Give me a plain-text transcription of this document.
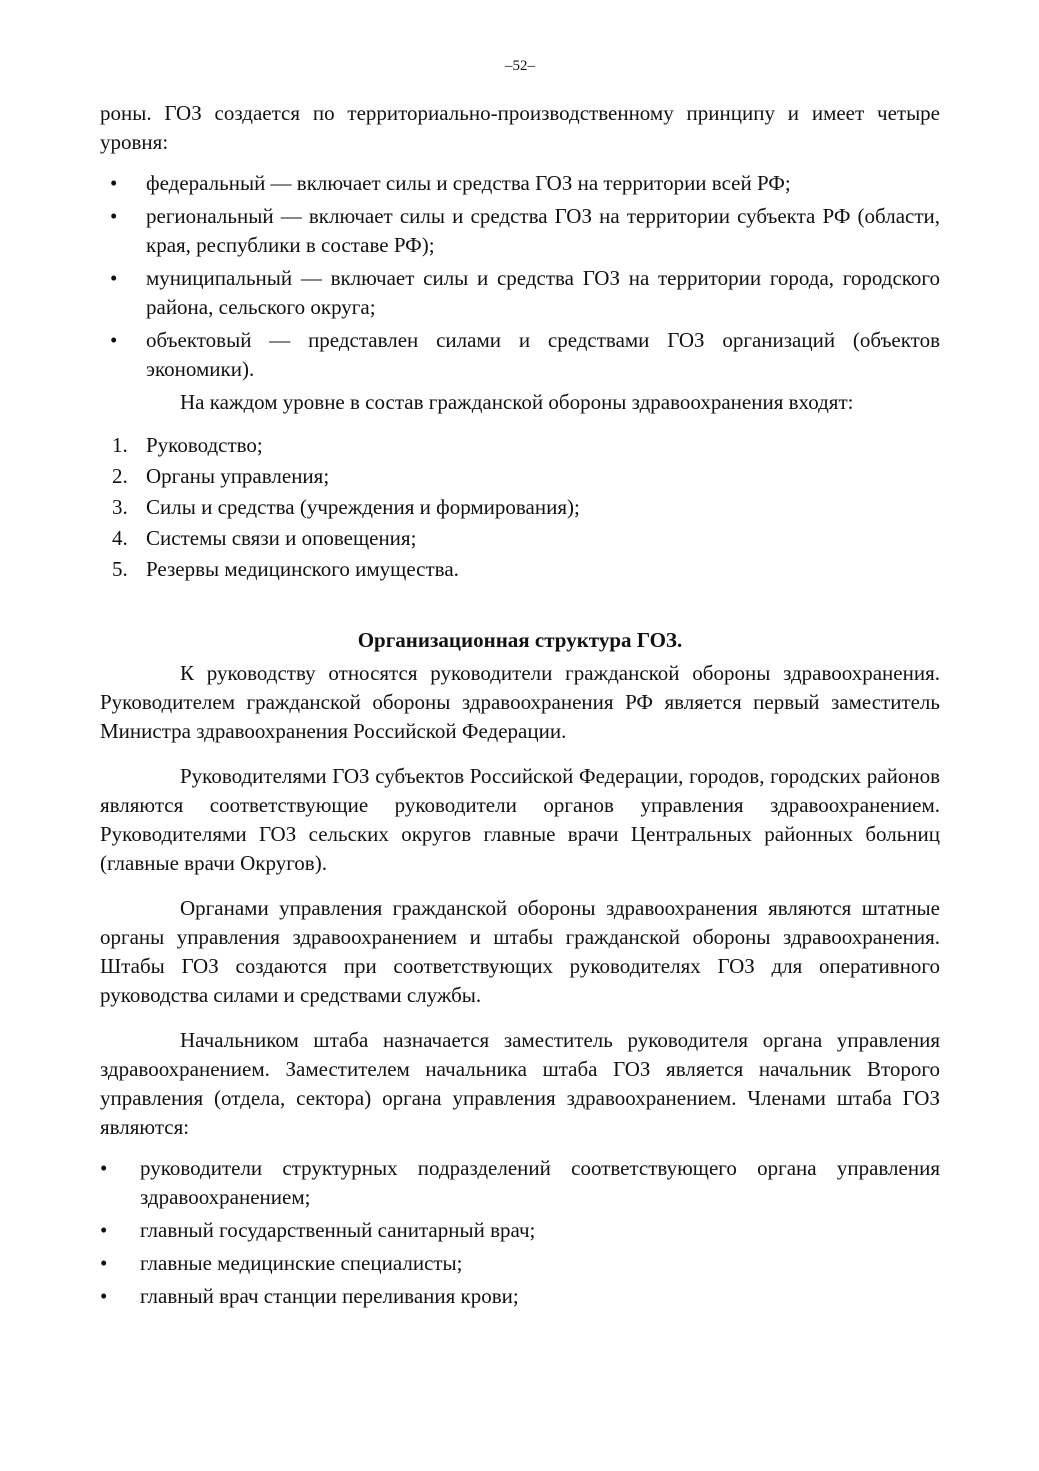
–52–

роны. ГОЗ создается по территориально-производственному принципу и имеет четыре уровня:

• федеральный — включает силы и средства ГОЗ на территории всей РФ;
• региональный — включает силы и средства ГОЗ на территории субъекта РФ (области, края, республики в составе РФ);
• муниципальный — включает силы и средства ГОЗ на территории города, городского района, сельского округа;
• объектовый — представлен силами и средствами ГОЗ организаций (объектов экономики).

На каждом уровне в состав гражданской обороны здравоохранения входят:

1. Руководство;
2. Органы управления;
3. Силы и средства (учреждения и формирования);
4. Системы связи и оповещения;
5. Резервы медицинского имущества.
Организационная структура ГОЗ.

К руководству относятся руководители гражданской обороны здравоохранения. Руководителем гражданской обороны здравоохранения РФ является первый заместитель Министра здравоохранения Российской Федерации.

Руководителями ГОЗ субъектов Российской Федерации, городов, городских районов являются соответствующие руководители органов управления здравоохранением. Руководителями ГОЗ сельских округов главные врачи Центральных районных больниц (главные врачи Округов).

Органами управления гражданской обороны здравоохранения являются штатные органы управления здравоохранением и штабы гражданской обороны здравоохранения. Штабы ГОЗ создаются при соответствующих руководителях ГОЗ для оперативного руководства силами и средствами службы.

Начальником штаба назначается заместитель руководителя органа управления здравоохранением. Заместителем начальника штаба ГОЗ является начальник Второго управления (отдела, сектора) органа управления здравоохранением. Членами штаба ГОЗ являются:

• руководители структурных подразделений соответствующего органа управления здравоохранением;
• главный государственный санитарный врач;
• главные медицинские специалисты;
• главный врач станции переливания крови;
